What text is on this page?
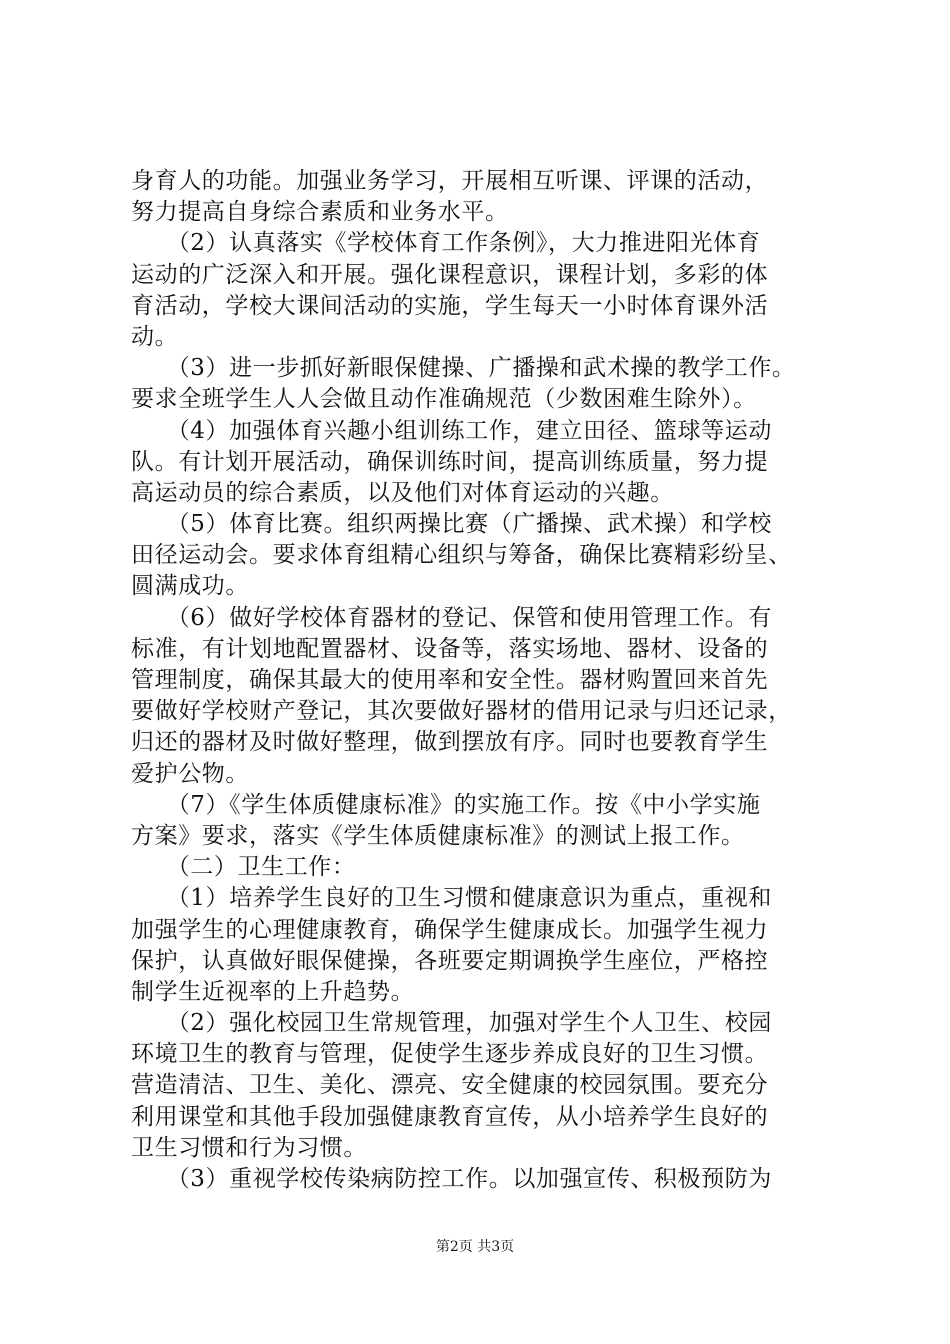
身育人的功能。加强业务学习，开展相互听课、评课的活动，
努力提高自身综合素质和业务水平。
　　（2）认真落实《学校体育工作条例》，大力推进阳光体育
运动的广泛深入和开展。强化课程意识，课程计划，多彩的体
育活动，学校大课间活动的实施，学生每天一小时体育课外活
动。
　　（3）进一步抓好新眼保健操、广播操和武术操的教学工作。
要求全班学生人人会做且动作准确规范（少数困难生除外）。
　　（4）加强体育兴趣小组训练工作，建立田径、篮球等运动
队。有计划开展活动，确保训练时间，提高训练质量，努力提
高运动员的综合素质，以及他们对体育运动的兴趣。
　　（5）体育比赛。组织两操比赛（广播操、武术操）和学校
田径运动会。要求体育组精心组织与筹备，确保比赛精彩纷呈、
圆满成功。
　　（6）做好学校体育器材的登记、保管和使用管理工作。有
标准，有计划地配置器材、设备等，落实场地、器材、设备的
管理制度，确保其最大的使用率和安全性。器材购置回来首先
要做好学校财产登记，其次要做好器材的借用记录与归还记录，
归还的器材及时做好整理，做到摆放有序。同时也要教育学生
爱护公物。
　　（7）《学生体质健康标准》的实施工作。按《中小学实施
方案》要求，落实《学生体质健康标准》的测试上报工作。
　　（二）卫生工作：
　　（1）培养学生良好的卫生习惯和健康意识为重点，重视和
加强学生的心理健康教育，确保学生健康成长。加强学生视力
保护，认真做好眼保健操，各班要定期调换学生座位，严格控
制学生近视率的上升趋势。
　　（2）强化校园卫生常规管理，加强对学生个人卫生、校园
环境卫生的教育与管理，促使学生逐步养成良好的卫生习惯。
营造清洁、卫生、美化、漂亮、安全健康的校园氛围。要充分
利用课堂和其他手段加强健康教育宣传，从小培养学生良好的
卫生习惯和行为习惯。
　　（3）重视学校传染病防控工作。以加强宣传、积极预防为
第2页 共3页
